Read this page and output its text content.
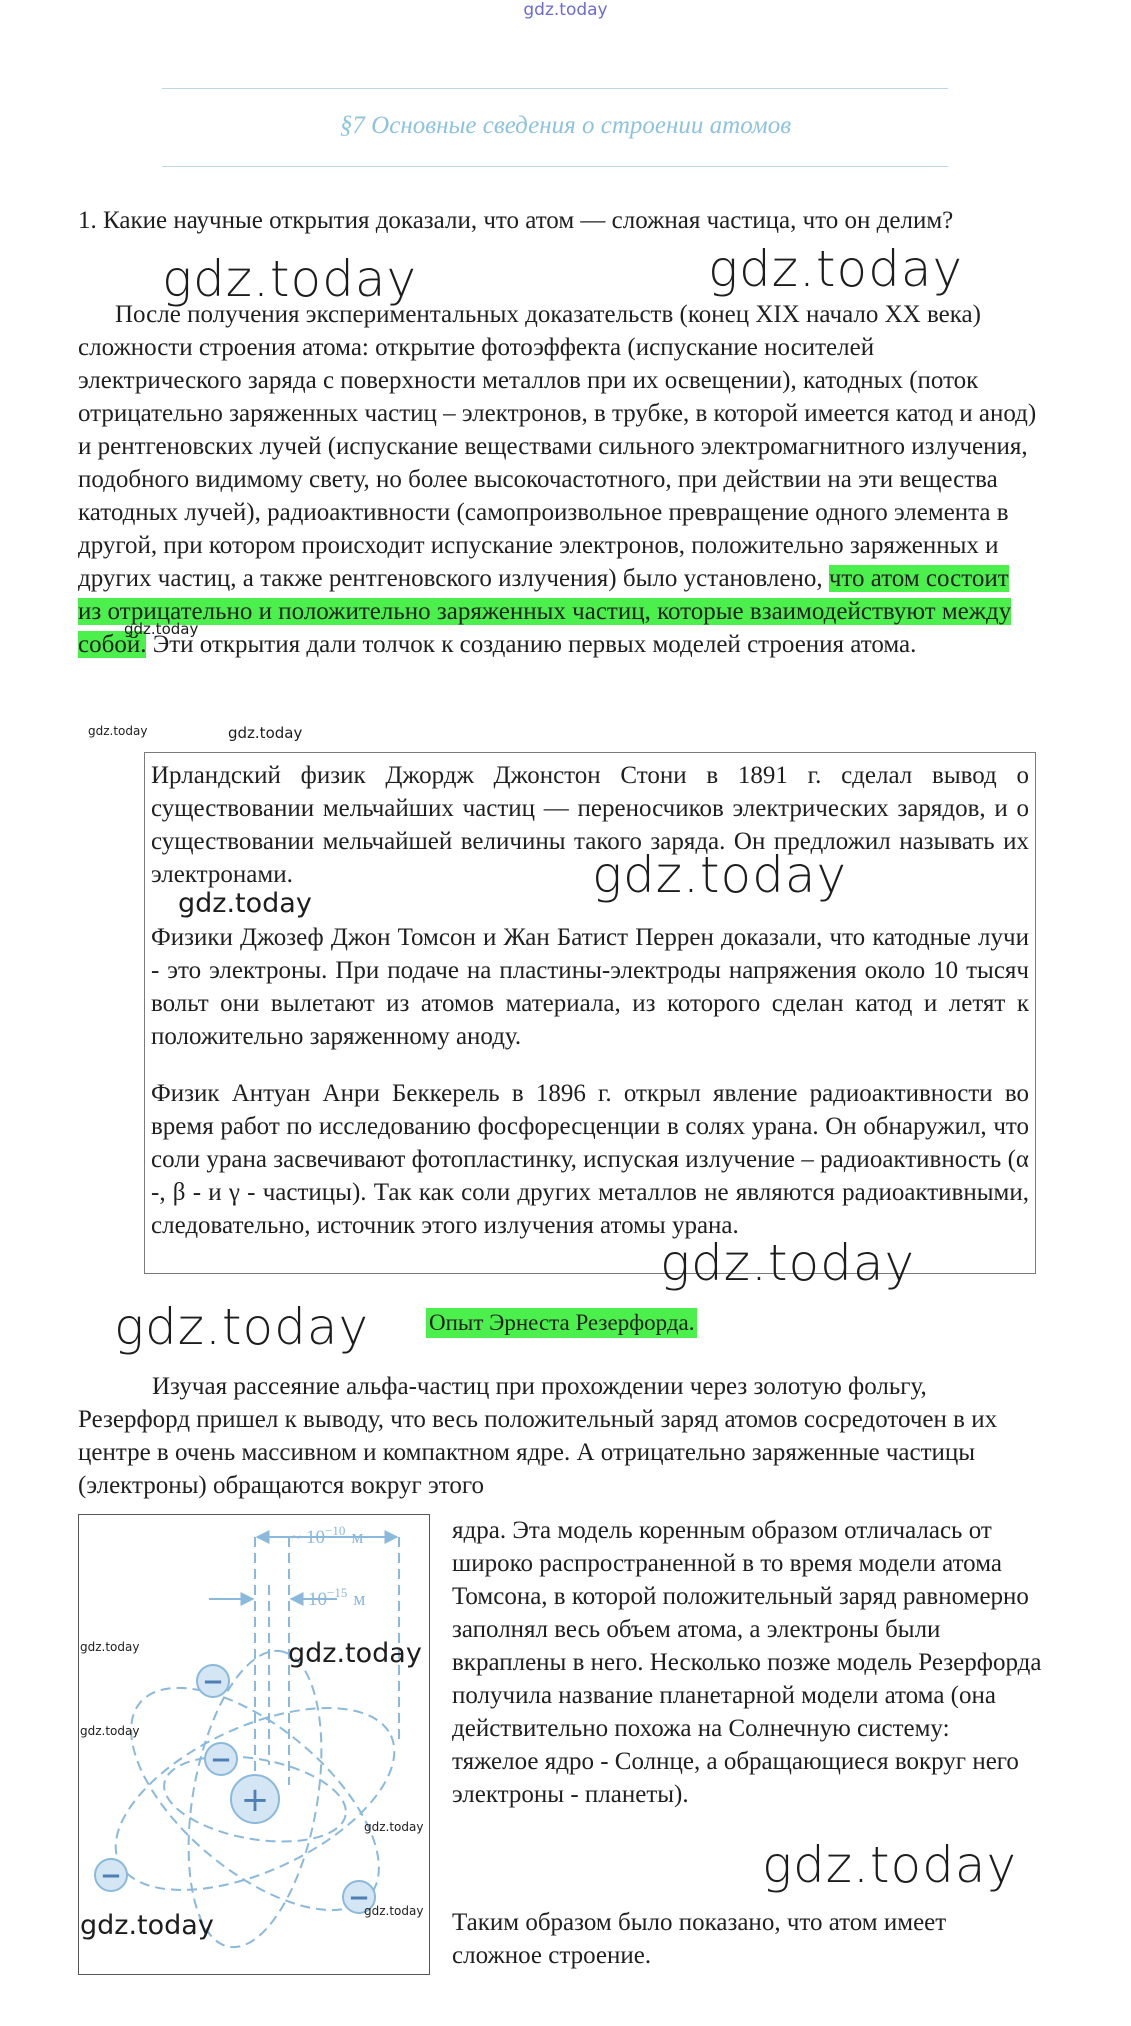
gdz.today
§7 Основные сведения о строении атомов
1. Какие научные открытия доказали, что атом — сложная частица, что он делим?
После получения экспериментальных доказательств (конец XIX начало XX века) сложности строения атома: открытие фотоэффекта (испускание носителей электрического заряда с поверхности металлов при их освещении), катодных (поток отрицательно заряженных частиц – электронов, в трубке, в которой имеется катод и анод) и рентгеновских лучей (испускание веществами сильного электромагнитного излучения, подобного видимому свету, но более высокочастотного, при действии на эти вещества катодных лучей), радиоактивности (самопроизвольное превращение одного элемента в другой, при котором происходит испускание электронов, положительно заряженных и других частиц, а также рентгеновского излучения) было установлено, что атом состоит из отрицательно и положительно заряженных частиц, которые взаимодействуют между собой. Эти открытия дали толчок к созданию первых моделей строения атома.

Ирландский физик Джордж Джонстон Стони в 1891 г. сделал вывод о существовании мельчайших частиц — переносчиков электрических зарядов, и о существовании мельчайшей величины такого заряда. Он предложил называть их электронами.

Физики Джозеф Джон Томсон и Жан Батист Перрен доказали, что катодные лучи - это электроны. При подаче на пластины-электроды напряжения около 10 тысяч вольт они вылетают из атомов материала, из которого сделан катод и летят к положительно заряженному аноду.

Физик Антуан Анри Беккерель в 1896 г. открыл явление радиоактивности во время работ по исследованию фосфоресценции в солях урана. Он обнаружил, что соли урана засвечивают фотопластинку, испуская излучение – радиоактивность (α -, β - и γ - частицы). Так как соли других металлов не являются радиоактивными, следовательно, источник этого излучения атомы урана.

Опыт Эрнеста Резерфорда.
Изучая рассеяние альфа-частиц при прохождении через золотую фольгу, Резерфорд пришел к выводу, что весь положительный заряд атомов сосредоточен в их центре в очень массивном и компактном ядре. А отрицательно заряженные частицы (электроны) обращаются вокруг этого
~ $10^{-10}$ м
~ $10^{-15}$ м
+
−
−
−
−
ядра. Эта модель коренным образом отличалась от широко распространенной в то время модели атома Томсона, в которой положительный заряд равномерно заполнял весь объем атома, а электроны были вкраплены в него. Несколько позже модель Резерфорда получила название планетарной модели атома (она действительно похожа на Солнечную систему: тяжелое ядро - Солнце, а обращающиеся вокруг него электроны - планеты).
Таким образом было показано, что атом имеет сложное строение.
gdz.today	gdz.today
gdz.today
gdz.today	gdz.today
gdz.today
gdz.today
gdz.today
gdz.today
gdz.today	gdz.today
gdz.today
gdz.today
gdz.today
gdz.today
gdz.today
